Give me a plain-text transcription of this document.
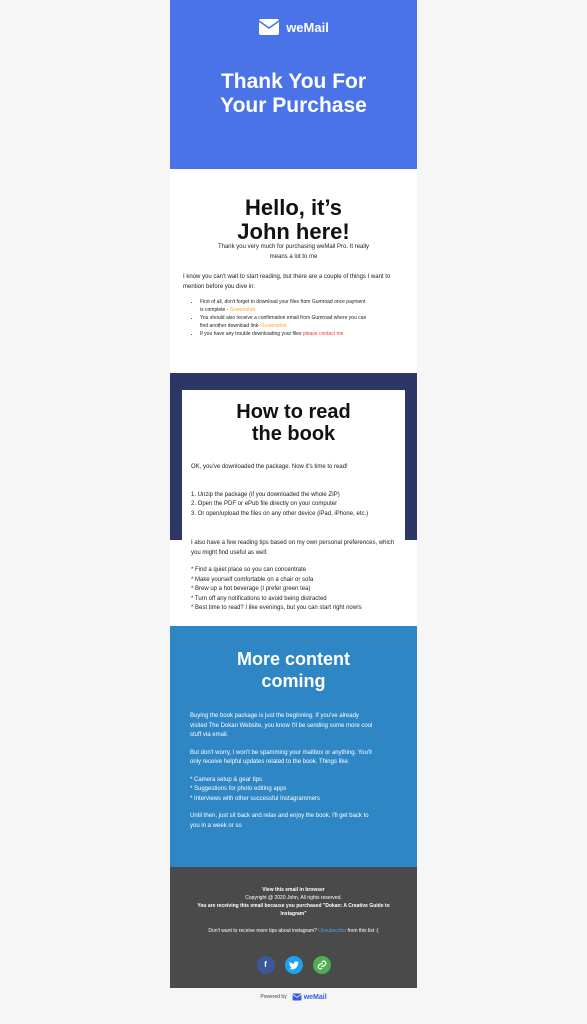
weMail
Thank You For
Your Purchase
Hello, it’s
John here!
Thank you very much for purchasing weMail Pro. It really means a lot to me
I know you can't wait to start reading, but there are a couple of things I want to mention before you dive in:
• First of all, don't forget to download your files from Gumroad once payment is complete - Screenshot
• You should also receive a confirmation email from Gumroad where you can find another download link- Screenshot
• If you have any trouble downloading your files please contact me
How to read
the book

OK, you've downloaded the package. Now it's time to read!

1. Unzip the package (if you downloaded the whole ZIP)
2. Open the PDF or ePub file directly on your computer
3. Or open/upload the files on any other device (iPad, iPhone, etc.)

I also have a few reading tips based on my own personal preferences, which you might find useful as well:

* Find a quiet place so you can concentrate
* Make yourself comfortable on a chair or sofa
* Brew up a hot beverage (I prefer green tea)
* Turn off any notifications to avoid being distracted
* Best time to read? I like evenings, but you can start right now!s
More content
coming

Buying the book package is just the beginning. If you've already visited The Dokan Website, you know I'll be sending some more cool stuff via email.

But don't worry, I won't be spamming your mailbox or anything. You'll only receive helpful updates related to the book. Things like:

* Camera setup & gear tips
* Suggestions for photo editing apps
* Interviews with other successful Instagrammers

Until then, just sit back and relax and enjoy the book. I'll get back to you in a week or so

View this email in browser
Copyright @ 2020 John, All rights reserved.
You are receiving this email because you purchased "Dokan: A Creative Guide to Instagram"
Don't want to receive more tips about instagram? Unsubscribe from this list :(
f
Powered by weMail
